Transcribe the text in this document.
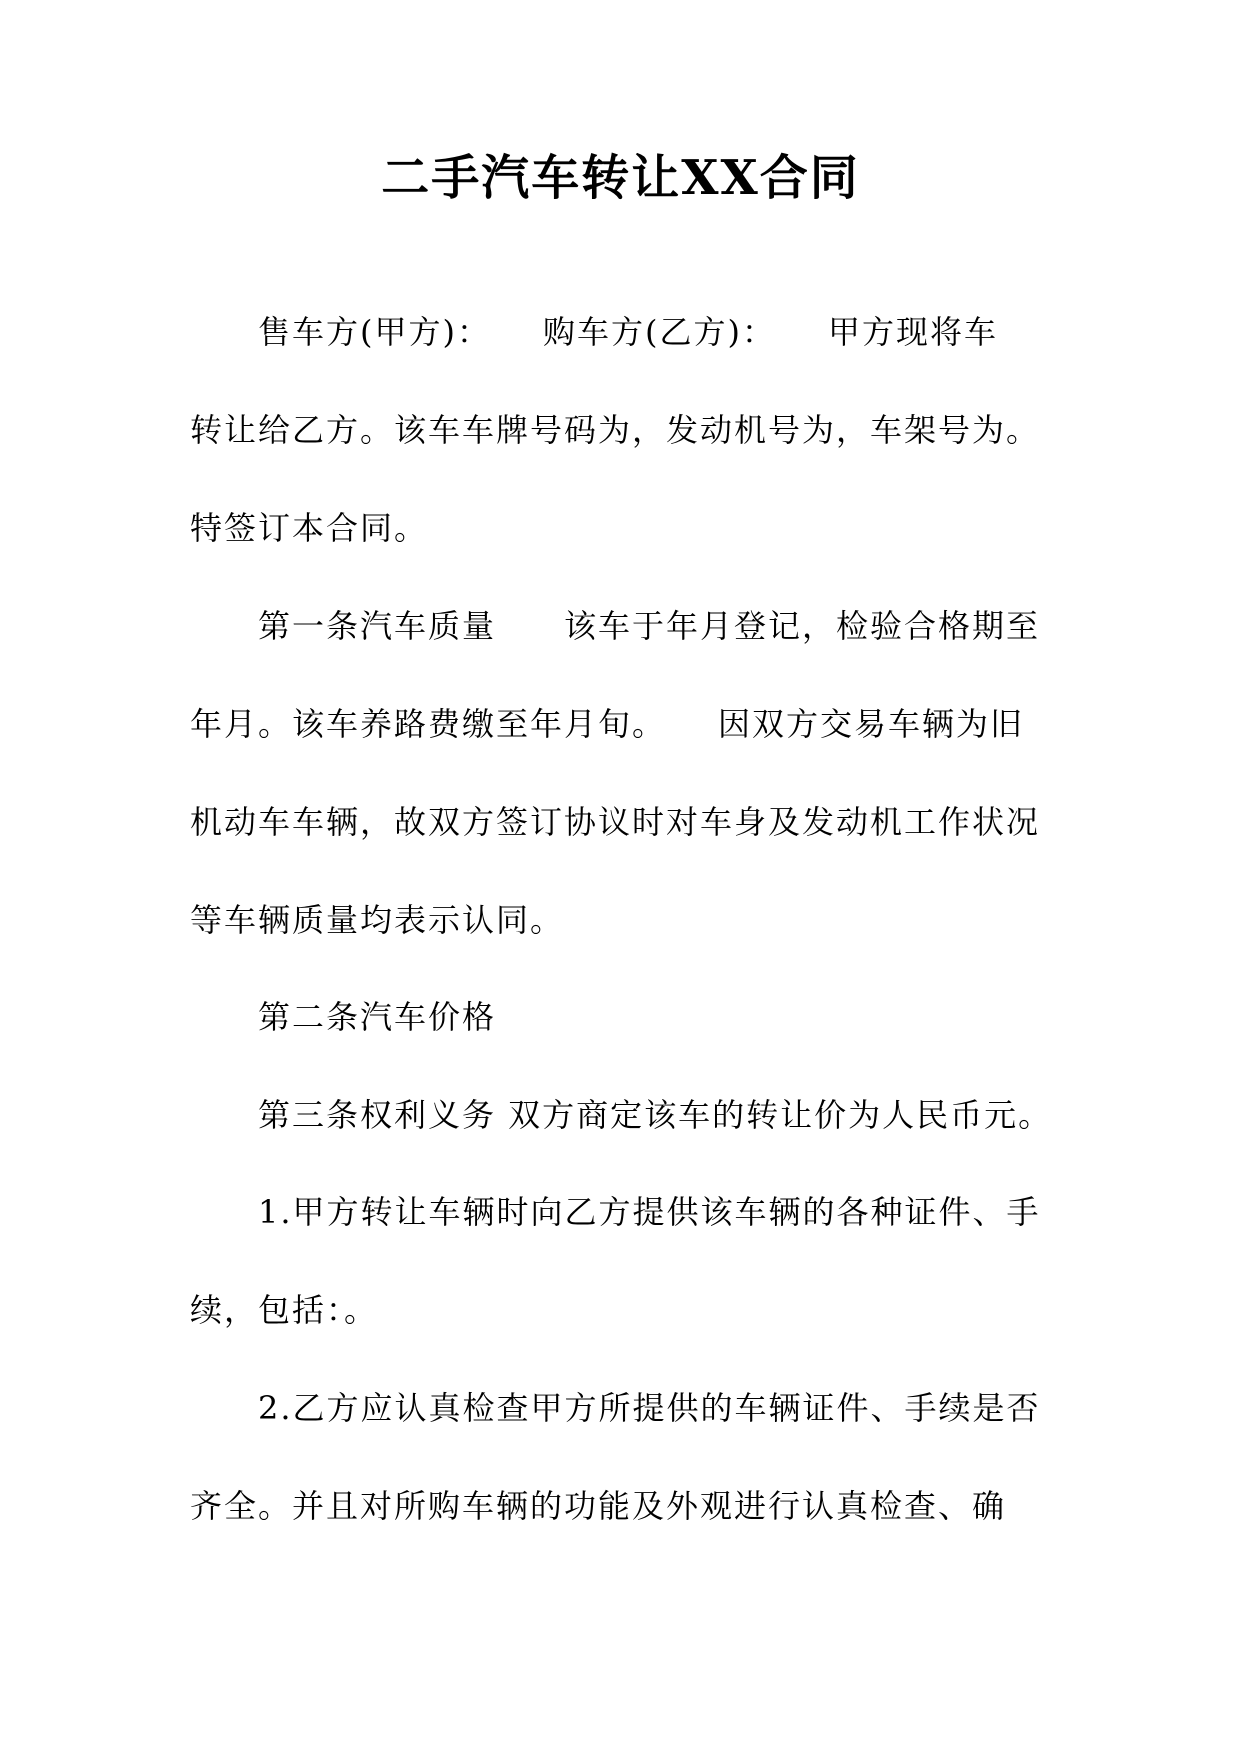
二手汽车转让XX合同
售车方(甲方)：　　购车方(乙方)：　　甲方现将车
转让给乙方。该车车牌号码为，发动机号为，车架号为。
特签订本合同。
第一条汽车质量　　该车于年月登记，检验合格期至
年月。该车养路费缴至年月旬。　　因双方交易车辆为旧
机动车车辆，故双方签订协议时对车身及发动机工作状况
等车辆质量均表示认同。
第二条汽车价格
第三条权利义务 双方商定该车的转让价为人民币元。
1.甲方转让车辆时向乙方提供该车辆的各种证件、手
续，包括：。
2.乙方应认真检查甲方所提供的车辆证件、手续是否
齐全。并且对所购车辆的功能及外观进行认真检查、确
